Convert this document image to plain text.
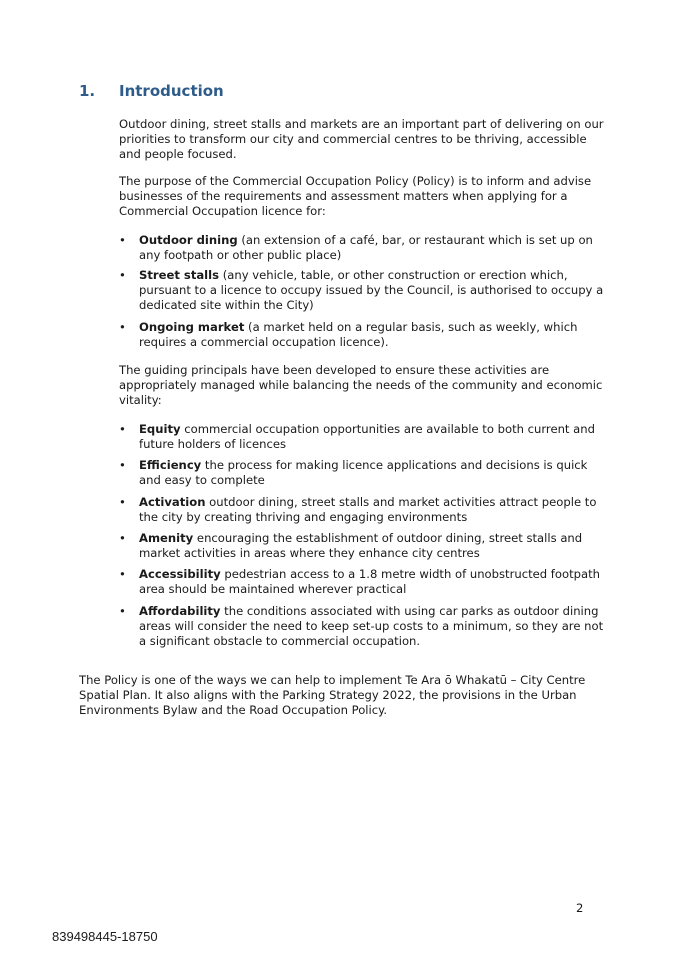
1. Introduction

Outdoor dining, street stalls and markets are an important part of delivering on our priorities to transform our city and commercial centres to be thriving, accessible and people focused.

The purpose of the Commercial Occupation Policy (Policy) is to inform and advise businesses of the requirements and assessment matters when applying for a Commercial Occupation licence for:

•	Outdoor dining (an extension of a café, bar, or restaurant which is set up on any footpath or other public place)
•	Street stalls (any vehicle, table, or other construction or erection which, pursuant to a licence to occupy issued by the Council, is authorised to occupy a dedicated site within the City)
•	Ongoing market (a market held on a regular basis, such as weekly, which requires a commercial occupation licence).

The guiding principals have been developed to ensure these activities are appropriately managed while balancing the needs of the community and economic vitality:

•	Equity commercial occupation opportunities are available to both current and future holders of licences
•	Efficiency the process for making licence applications and decisions is quick and easy to complete
•	Activation outdoor dining, street stalls and market activities attract people to the city by creating thriving and engaging environments
•	Amenity encouraging the establishment of outdoor dining, street stalls and market activities in areas where they enhance city centres
•	Accessibility pedestrian access to a 1.8 metre width of unobstructed footpath area should be maintained wherever practical
•	Affordability the conditions associated with using car parks as outdoor dining areas will consider the need to keep set-up costs to a minimum, so they are not a significant obstacle to commercial occupation.

The Policy is one of the ways we can help to implement Te Ara ō Whakatū – City Centre Spatial Plan. It also aligns with the Parking Strategy 2022, the provisions in the Urban Environments Bylaw and the Road Occupation Policy.

2
839498445-18750
